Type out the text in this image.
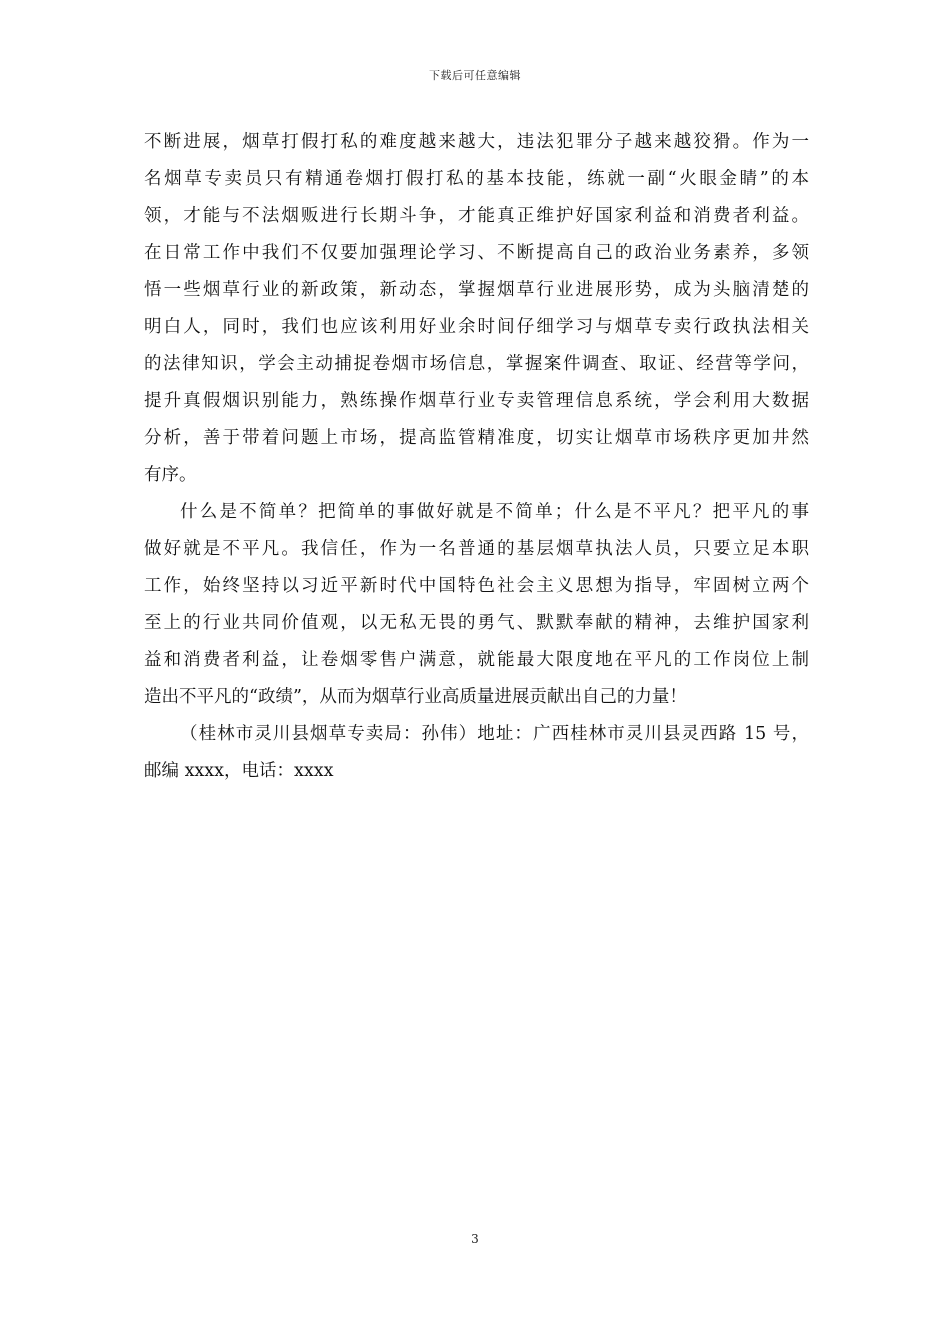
下载后可任意编辑
不断进展，烟草打假打私的难度越来越大，违法犯罪分子越来越狡猾。作为一
名烟草专卖员只有精通卷烟打假打私的基本技能，练就一副“火眼金睛”的本
领，才能与不法烟贩进行长期斗争，才能真正维护好国家利益和消费者利益。
在日常工作中我们不仅要加强理论学习、不断提高自己的政治业务素养，多领
悟一些烟草行业的新政策，新动态，掌握烟草行业进展形势，成为头脑清楚的
明白人，同时，我们也应该利用好业余时间仔细学习与烟草专卖行政执法相关
的法律知识，学会主动捕捉卷烟市场信息，掌握案件调查、取证、经营等学问，
提升真假烟识别能力，熟练操作烟草行业专卖管理信息系统，学会利用大数据
分析，善于带着问题上市场，提高监管精准度，切实让烟草市场秩序更加井然
有序。
什么是不简单？把简单的事做好就是不简单；什么是不平凡？把平凡的事
做好就是不平凡。我信任，作为一名普通的基层烟草执法人员，只要立足本职
工作，始终坚持以习近平新时代中国特色社会主义思想为指导，牢固树立两个
至上的行业共同价值观，以无私无畏的勇气、默默奉献的精神，去维护国家利
益和消费者利益，让卷烟零售户满意，就能最大限度地在平凡的工作岗位上制
造出不平凡的“政绩”，从而为烟草行业高质量进展贡献出自己的力量！
（桂林市灵川县烟草专卖局：孙伟）地址：广西桂林市灵川县灵西路 15 号，
邮编 xxxx，电话：xxxx
3
